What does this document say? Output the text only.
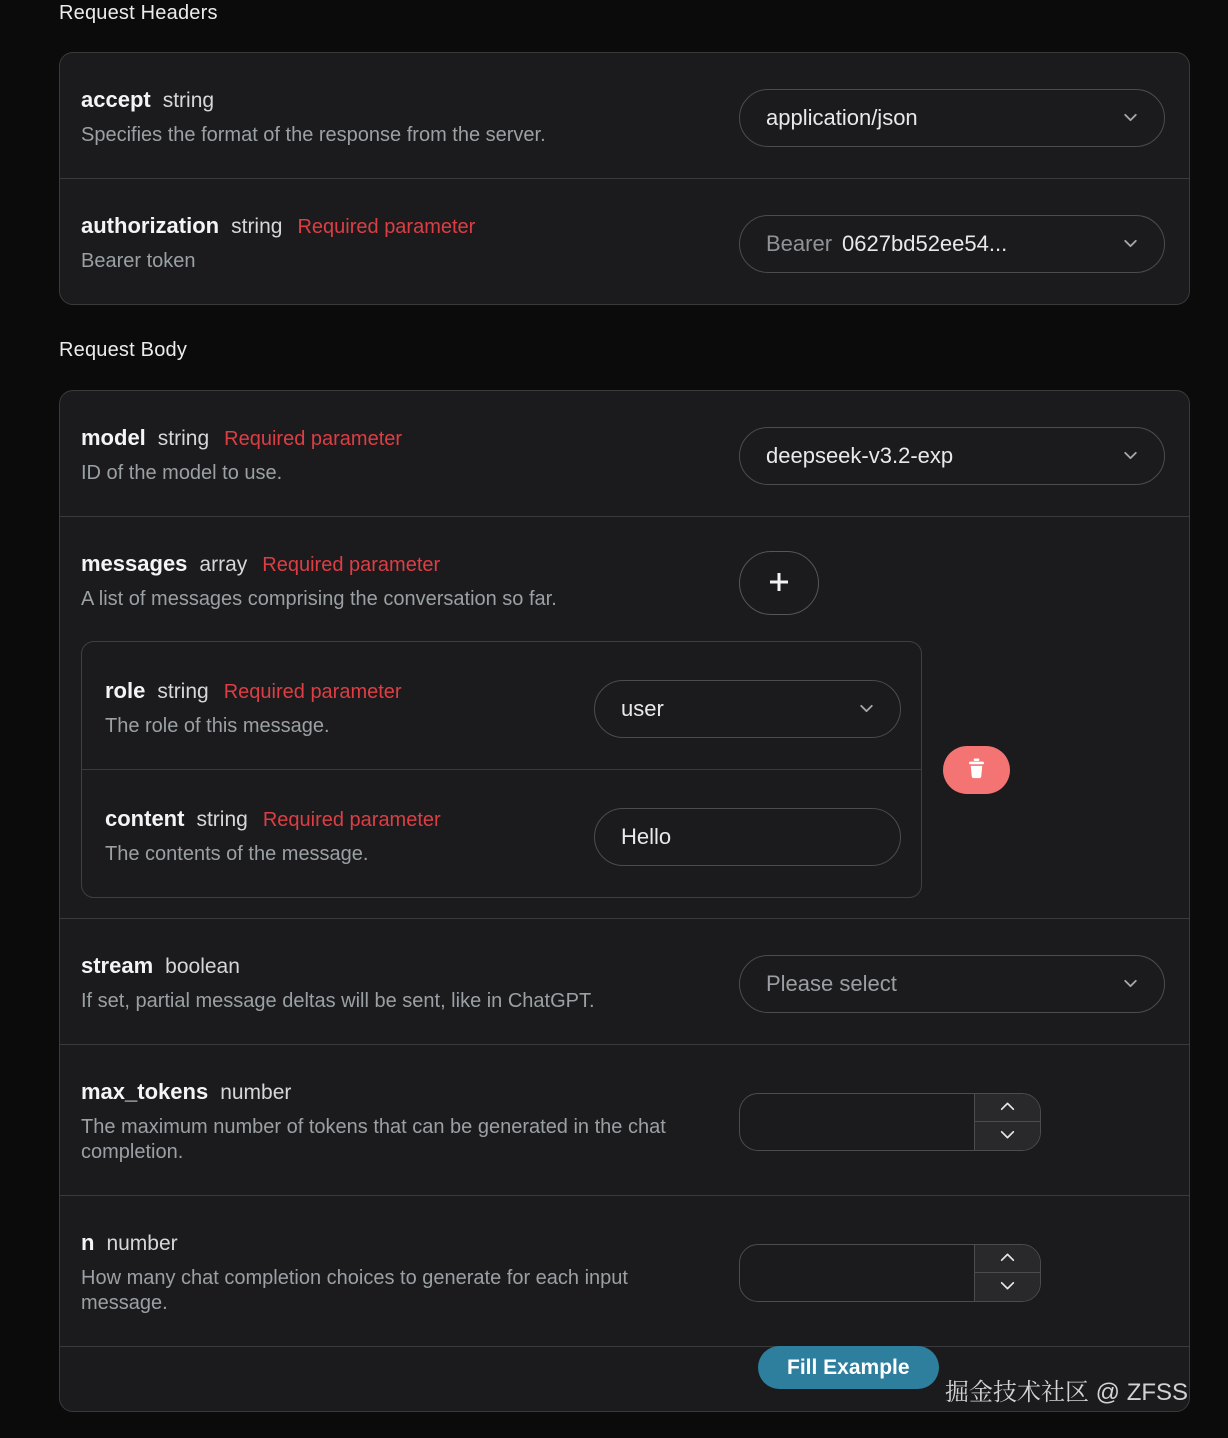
Request Headers
accept string
Specifies the format of the response from the server.
application/json
authorization string Required parameter
Bearer token
Bearer 0627bd52ee54...
Request Body
model string Required parameter
ID of the model to use.
deepseek-v3.2-exp
messages array Required parameter
A list of messages comprising the conversation so far.
role string Required parameter
The role of this message.
user
content string Required parameter
The contents of the message.
Hello
stream boolean
If set, partial message deltas will be sent, like in ChatGPT.
Please select
max_tokens number
The maximum number of tokens that can be generated in the chat completion.
n number
How many chat completion choices to generate for each input message.
Fill Example
掘金技术社区 @ ZFSS
